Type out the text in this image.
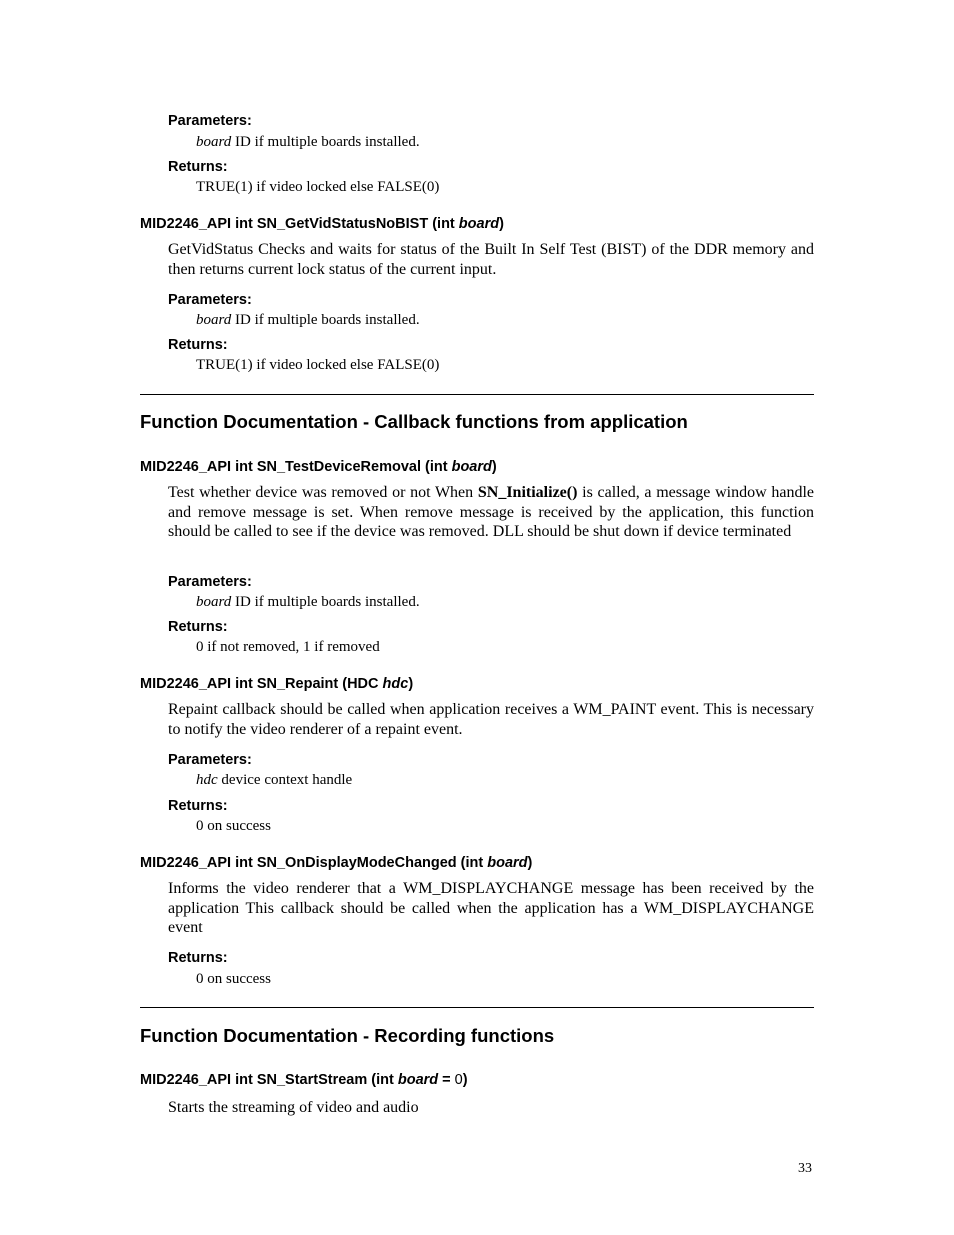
Parameters:
board ID if multiple boards installed.
Returns:
TRUE(1) if video locked else FALSE(0)
MID2246_API int SN_GetVidStatusNoBIST (int board)
GetVidStatus Checks and waits for status of the Built In Self Test (BIST) of the DDR memory and then returns current lock status of the current input.
Parameters:
board ID if multiple boards installed.
Returns:
TRUE(1) if video locked else FALSE(0)
Function Documentation - Callback functions from application
MID2246_API int SN_TestDeviceRemoval (int board)
Test whether device was removed or not When SN_Initialize() is called, a message window handle and remove message is set. When remove message is received by the application, this function should be called to see if the device was removed. DLL should be shut down if device terminated
Parameters:
board ID if multiple boards installed.
Returns:
0 if not removed, 1 if removed
MID2246_API int SN_Repaint (HDC hdc)
Repaint callback should be called when application receives a WM_PAINT event. This is necessary to notify the video renderer of a repaint event.
Parameters:
hdc device context handle
Returns:
0 on success
MID2246_API int SN_OnDisplayModeChanged (int board)
Informs the video renderer that a WM_DISPLAYCHANGE message has been received by the application This callback should be called when the application has a WM_DISPLAYCHANGE event
Returns:
0 on success
Function Documentation - Recording functions
MID2246_API int SN_StartStream (int board = 0)
Starts the streaming of video and audio
33
